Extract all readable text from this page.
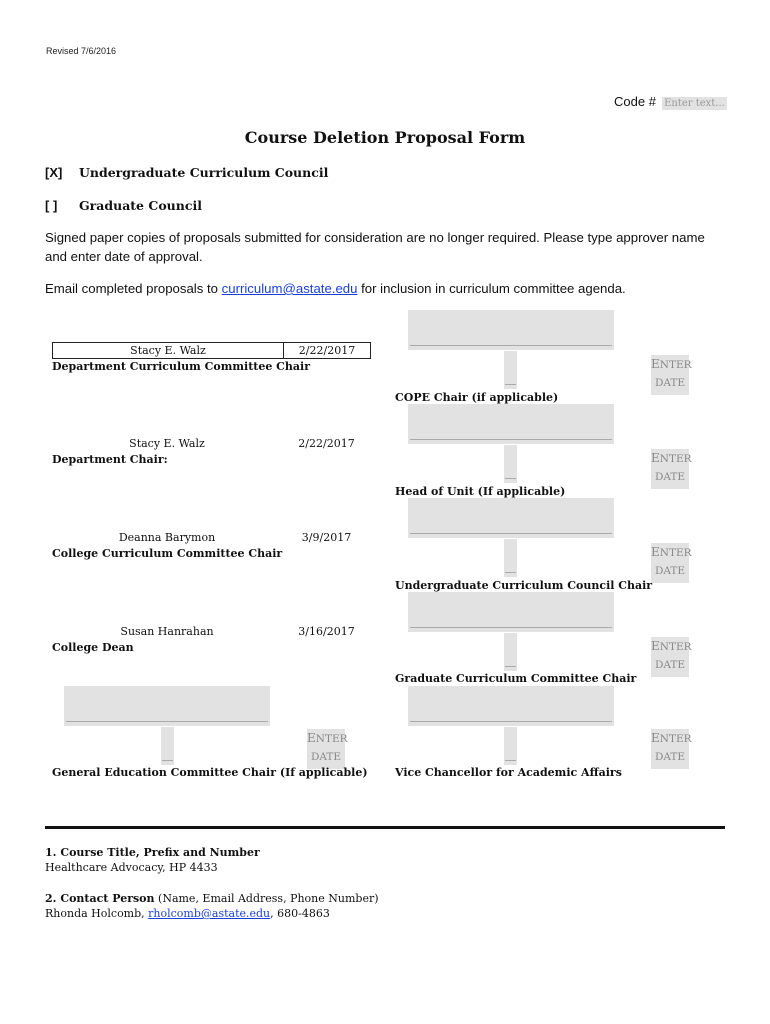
Revised 7/6/2016
Code # Enter text...
Course Deletion Proposal Form
[X] Undergraduate Curriculum Council
[ ] Graduate Council
Signed paper copies of proposals submitted for consideration are no longer required. Please type approver name and enter date of approval.
Email completed proposals to curriculum@astate.edu for inclusion in curriculum committee agenda.
Stacy E. Walz	2/22/2017
Department Curriculum Committee Chair
Stacy E. Walz	2/22/2017
Department Chair:
Deanna Barymon	3/9/2017
College Curriculum Committee Chair
Susan Hanrahan	3/16/2017
College Dean
ENTER
DATE
General Education Committee Chair (If applicable)
ENTER
DATE
COPE Chair (if applicable)
ENTER
DATE
Head of Unit (If applicable)
ENTER
DATE
Undergraduate Curriculum Council Chair
ENTER
DATE
Graduate Curriculum Committee Chair
ENTER
DATE
Vice Chancellor for Academic Affairs
1. Course Title, Prefix and Number
Healthcare Advocacy, HP 4433
2. Contact Person (Name, Email Address, Phone Number)
Rhonda Holcomb, rholcomb@astate.edu, 680-4863
